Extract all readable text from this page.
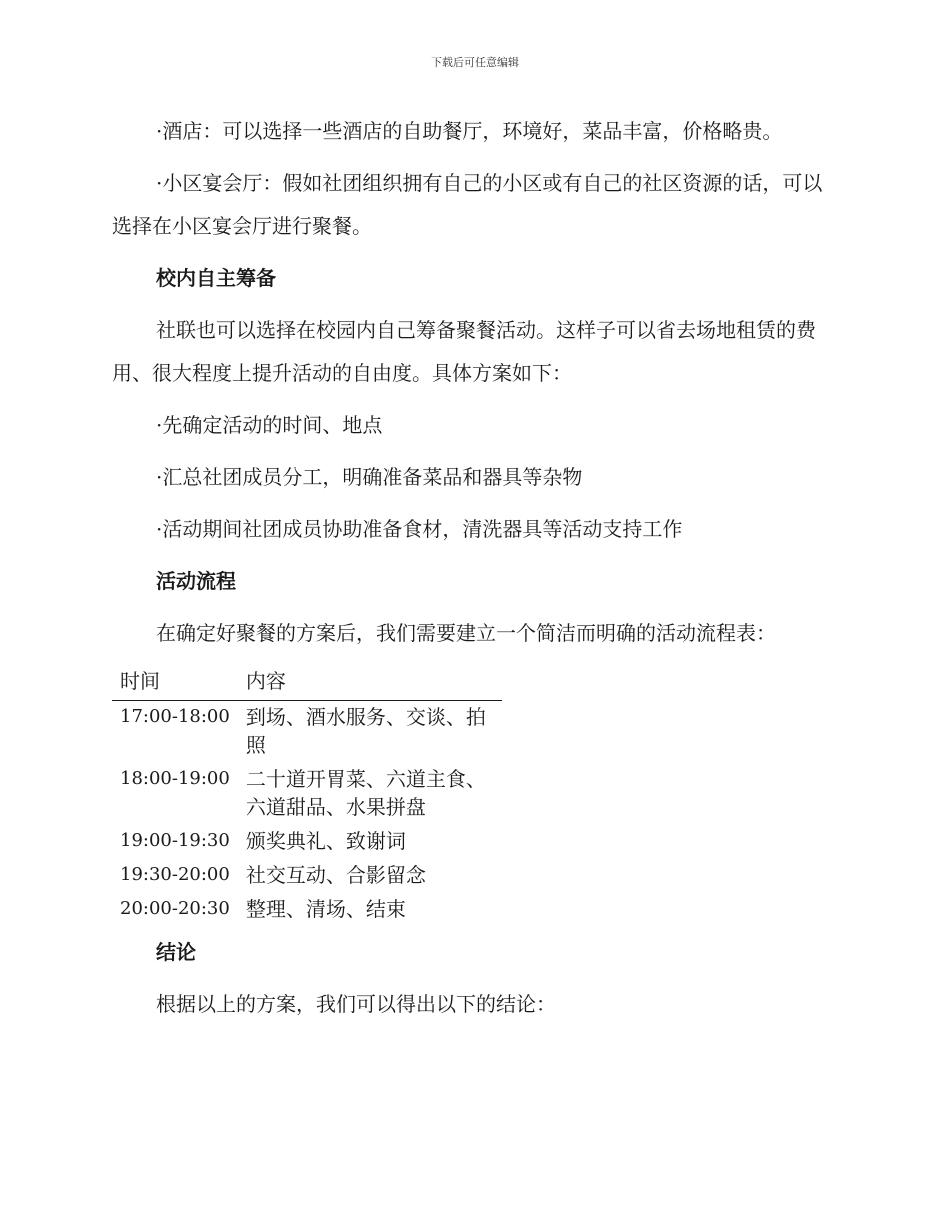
下载后可任意编辑

·酒店：可以选择一些酒店的自助餐厅，环境好，菜品丰富，价格略贵。

·小区宴会厅：假如社团组织拥有自己的小区或有自己的社区资源的话，可以选择在小区宴会厅进行聚餐。

校内自主筹备

社联也可以选择在校园内自己筹备聚餐活动。这样子可以省去场地租赁的费用、很大程度上提升活动的自由度。具体方案如下：

·先确定活动的时间、地点

·汇总社团成员分工，明确准备菜品和器具等杂物

·活动期间社团成员协助准备食材，清洗器具等活动支持工作

活动流程

在确定好聚餐的方案后，我们需要建立一个简洁而明确的活动流程表：

时间	内容
17:00-18:00	到场、酒水服务、交谈、拍照
18:00-19:00	二十道开胃菜、六道主食、六道甜品、水果拼盘
19:00-19:30	颁奖典礼、致谢词
19:30-20:00	社交互动、合影留念
20:00-20:30	整理、清场、结束

结论

根据以上的方案，我们可以得出以下的结论：
